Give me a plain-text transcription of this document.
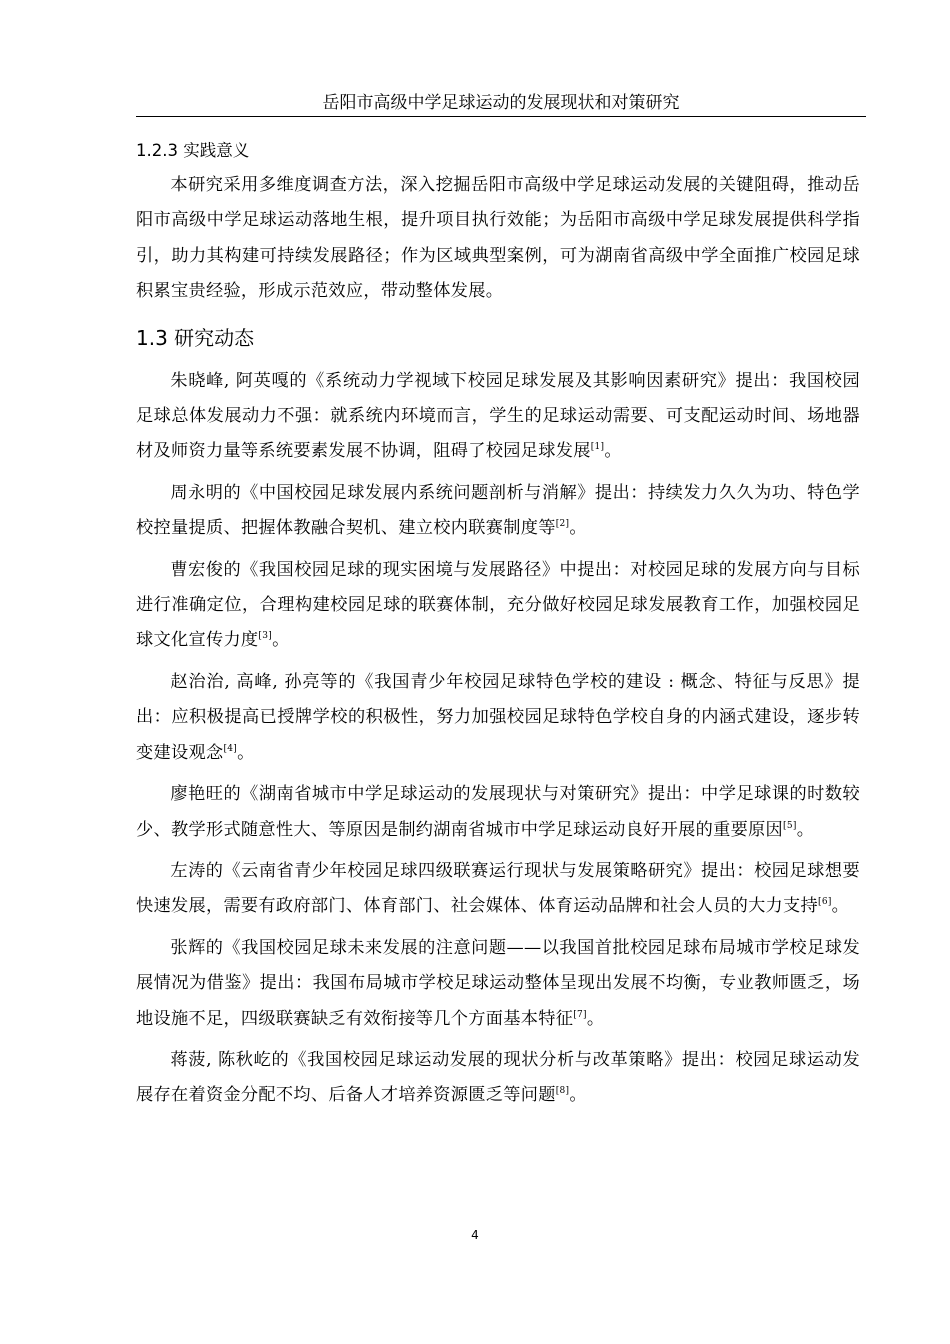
岳阳市高级中学足球运动的发展现状和对策研究
1.2.3 实践意义

本研究采用多维度调查方法，深入挖掘岳阳市高级中学足球运动发展的关键阻碍，推动岳阳市高级中学足球运动落地生根，提升项目执行效能；为岳阳市高级中学足球发展提供科学指引，助力其构建可持续发展路径；作为区域典型案例，可为湖南省高级中学全面推广校园足球积累宝贵经验，形成示范效应，带动整体发展。

1.3 研究动态

朱晓峰, 阿英嘎的《系统动力学视域下校园足球发展及其影响因素研究》提出：我国校园足球总体发展动力不强：就系统内环境而言，学生的足球运动需要、可支配运动时间、场地器材及师资力量等系统要素发展不协调，阻碍了校园足球发展[1]。

周永明的《中国校园足球发展内系统问题剖析与消解》提出：持续发力久久为功、特色学校控量提质、把握体教融合契机、建立校内联赛制度等[2]。

曹宏俊的《我国校园足球的现实困境与发展路径》中提出：对校园足球的发展方向与目标进行准确定位，合理构建校园足球的联赛体制，充分做好校园足球发展教育工作，加强校园足球文化宣传力度[3]。

赵治治, 高峰, 孙亮等的《我国青少年校园足球特色学校的建设 : 概念、特征与反思》提出：应积极提高已授牌学校的积极性，努力加强校园足球特色学校自身的内涵式建设，逐步转变建设观念[4]。

廖艳旺的《湖南省城市中学足球运动的发展现状与对策研究》提出：中学足球课的时数较少、教学形式随意性大、等原因是制约湖南省城市中学足球运动良好开展的重要原因[5]。

左涛的《云南省青少年校园足球四级联赛运行现状与发展策略研究》提出：校园足球想要快速发展，需要有政府部门、体育部门、社会媒体、体育运动品牌和社会人员的大力支持[6]。

张辉的《我国校园足球未来发展的注意问题——以我国首批校园足球布局城市学校足球发展情况为借鉴》提出：我国布局城市学校足球运动整体呈现出发展不均衡，专业教师匮乏，场地设施不足，四级联赛缺乏有效衔接等几个方面基本特征[7]。

蒋菠, 陈秋屹的《我国校园足球运动发展的现状分析与改革策略》提出：校园足球运动发展存在着资金分配不均、后备人才培养资源匮乏等问题[8]。

4
